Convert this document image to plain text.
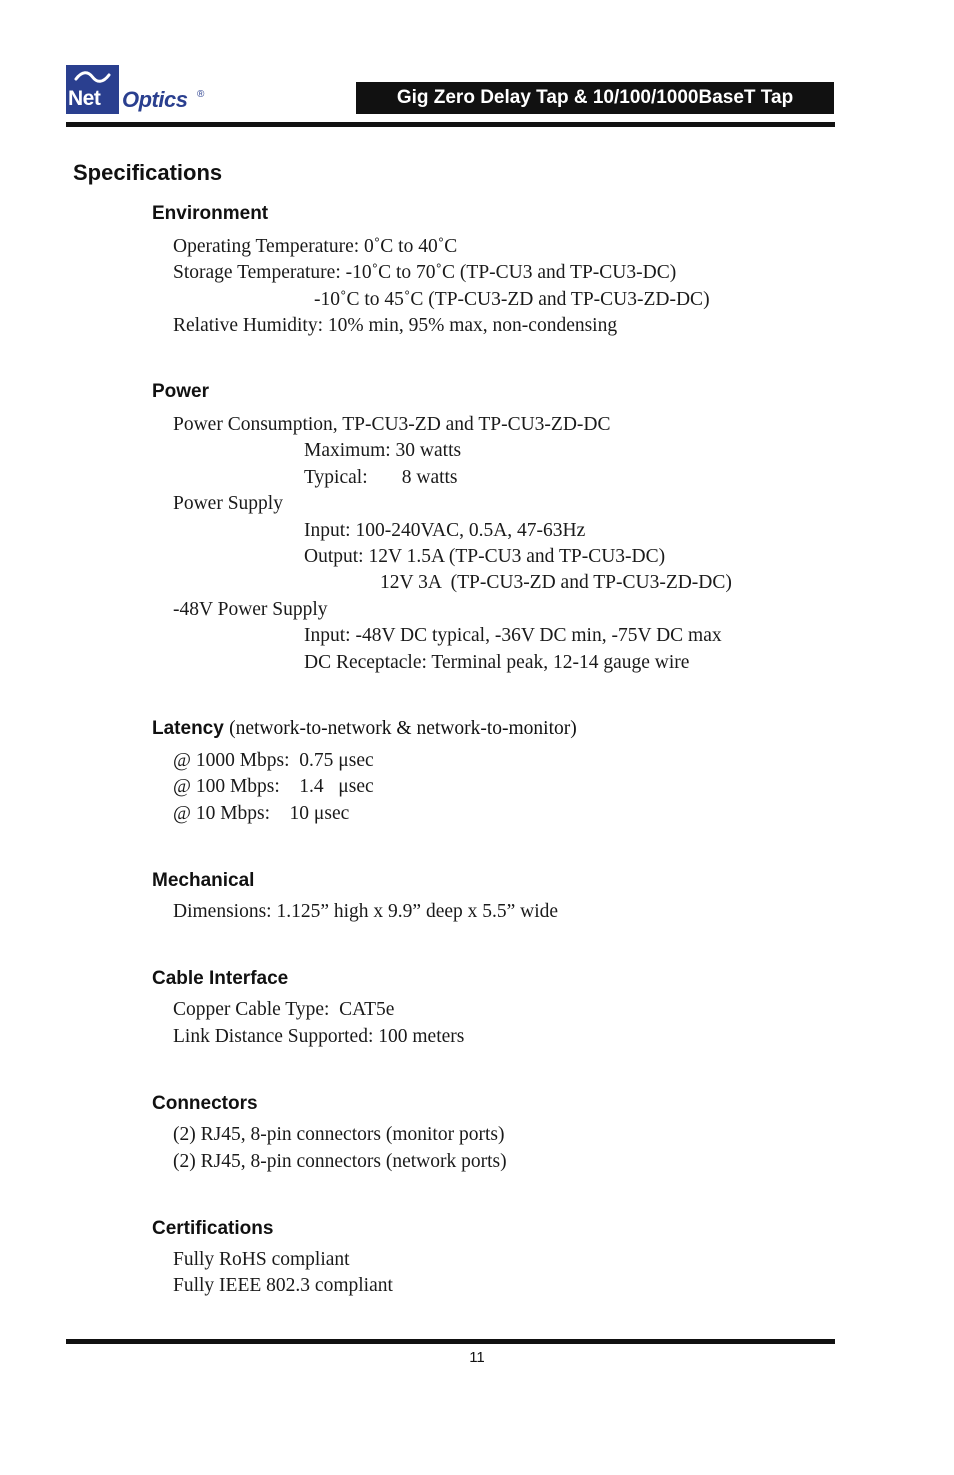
Net Optics ®	Gig Zero Delay Tap & 10/100/1000BaseT Tap
Specifications
Environment
Operating Temperature: 0˚C to 40˚C
Storage Temperature: -10˚C to 70˚C (TP-CU3 and TP-CU3-DC)
-10˚C to 45˚C (TP-CU3-ZD and TP-CU3-ZD-DC)
Relative Humidity: 10% min, 95% max, non-condensing
Power
Power Consumption, TP-CU3-ZD and TP-CU3-ZD-DC
Maximum: 30 watts
Typical:       8 watts
Power Supply
Input: 100-240VAC, 0.5A, 47-63Hz
Output: 12V 1.5A (TP-CU3 and TP-CU3-DC)
12V 3A  (TP-CU3-ZD and TP-CU3-ZD-DC)
-48V Power Supply
Input: -48V DC typical, -36V DC min, -75V DC max
DC Receptacle: Terminal peak, 12-14 gauge wire
Latency (network-to-network & network-to-monitor)
@ 1000 Mbps:  0.75 μsec
@ 100 Mbps:    1.4   μsec
@ 10 Mbps:    10 μsec
Mechanical
Dimensions: 1.125” high x 9.9” deep x 5.5” wide
Cable Interface
Copper Cable Type:  CAT5e
Link Distance Supported: 100 meters
Connectors
(2) RJ45, 8-pin connectors (monitor ports)
(2) RJ45, 8-pin connectors (network ports)
Certifications
Fully RoHS compliant
Fully IEEE 802.3 compliant
11
